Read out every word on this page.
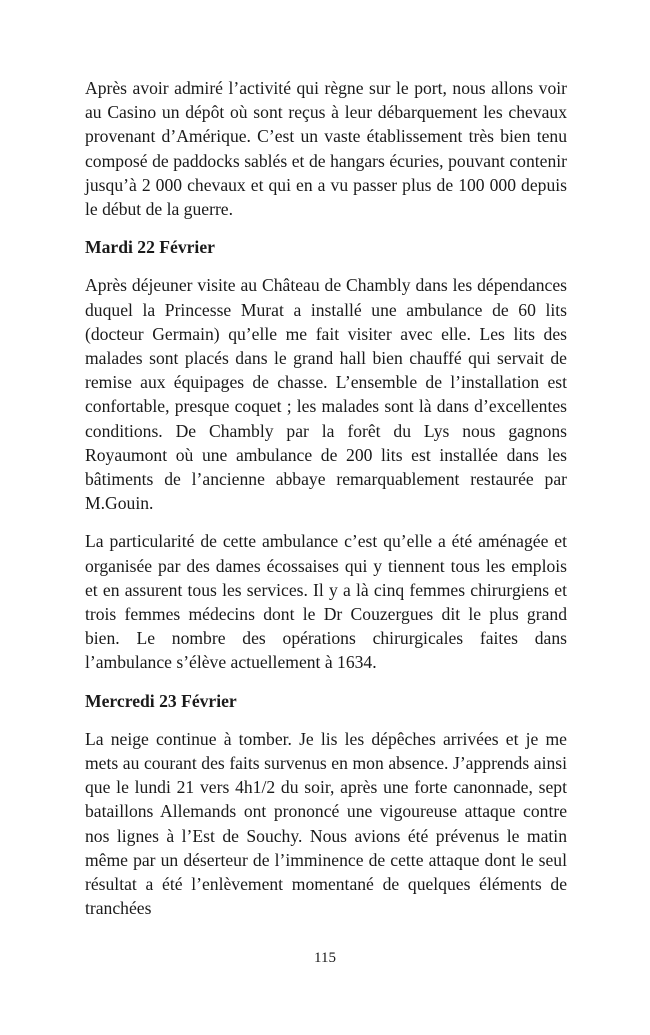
Après avoir admiré l’activité qui règne sur le port, nous allons voir au Casino un dépôt où sont reçus à leur débarquement les chevaux provenant d’Amérique. C’est un vaste établissement très bien tenu composé de paddocks sablés et de hangars écuries, pouvant contenir jusqu’à 2 000 chevaux et qui en a vu passer plus de 100 000 depuis le début de la guerre.

Mardi 22 Février

Après déjeuner visite au Château de Chambly dans les dépendances duquel la Princesse Murat a installé une ambulance de 60 lits (docteur Germain) qu’elle me fait visiter avec elle. Les lits des malades sont placés dans le grand hall bien chauffé qui servait de remise aux équipages de chasse. L’ensemble de l’installation est confortable, presque coquet ; les malades sont là dans d’excellentes conditions. De Chambly par la forêt du Lys nous gagnons Royaumont où une ambulance de 200 lits est installée dans les bâtiments de l’ancienne abbaye remarquablement restaurée par M.Gouin.

La particularité de cette ambulance c’est qu’elle a été aménagée et organisée par des dames écossaises qui y tiennent tous les emplois et en assurent tous les services. Il y a là cinq femmes chirurgiens et trois femmes médecins dont le Dr Couzergues dit le plus grand bien. Le nombre des opérations chirurgicales faites dans l’ambulance s’élève actuellement à 1634.

Mercredi 23 Février

La neige continue à tomber. Je lis les dépêches arrivées et je me mets au courant des faits survenus en mon absence. J’apprends ainsi que le lundi 21 vers 4h1/2 du soir, après une forte canonnade, sept bataillons Allemands ont prononcé une vigoureuse attaque contre nos lignes à l’Est de Souchy. Nous avions été prévenus le matin même par un déserteur de l’imminence de cette attaque dont le seul résultat a été l’enlèvement momentané de quelques éléments de tranchées

115
